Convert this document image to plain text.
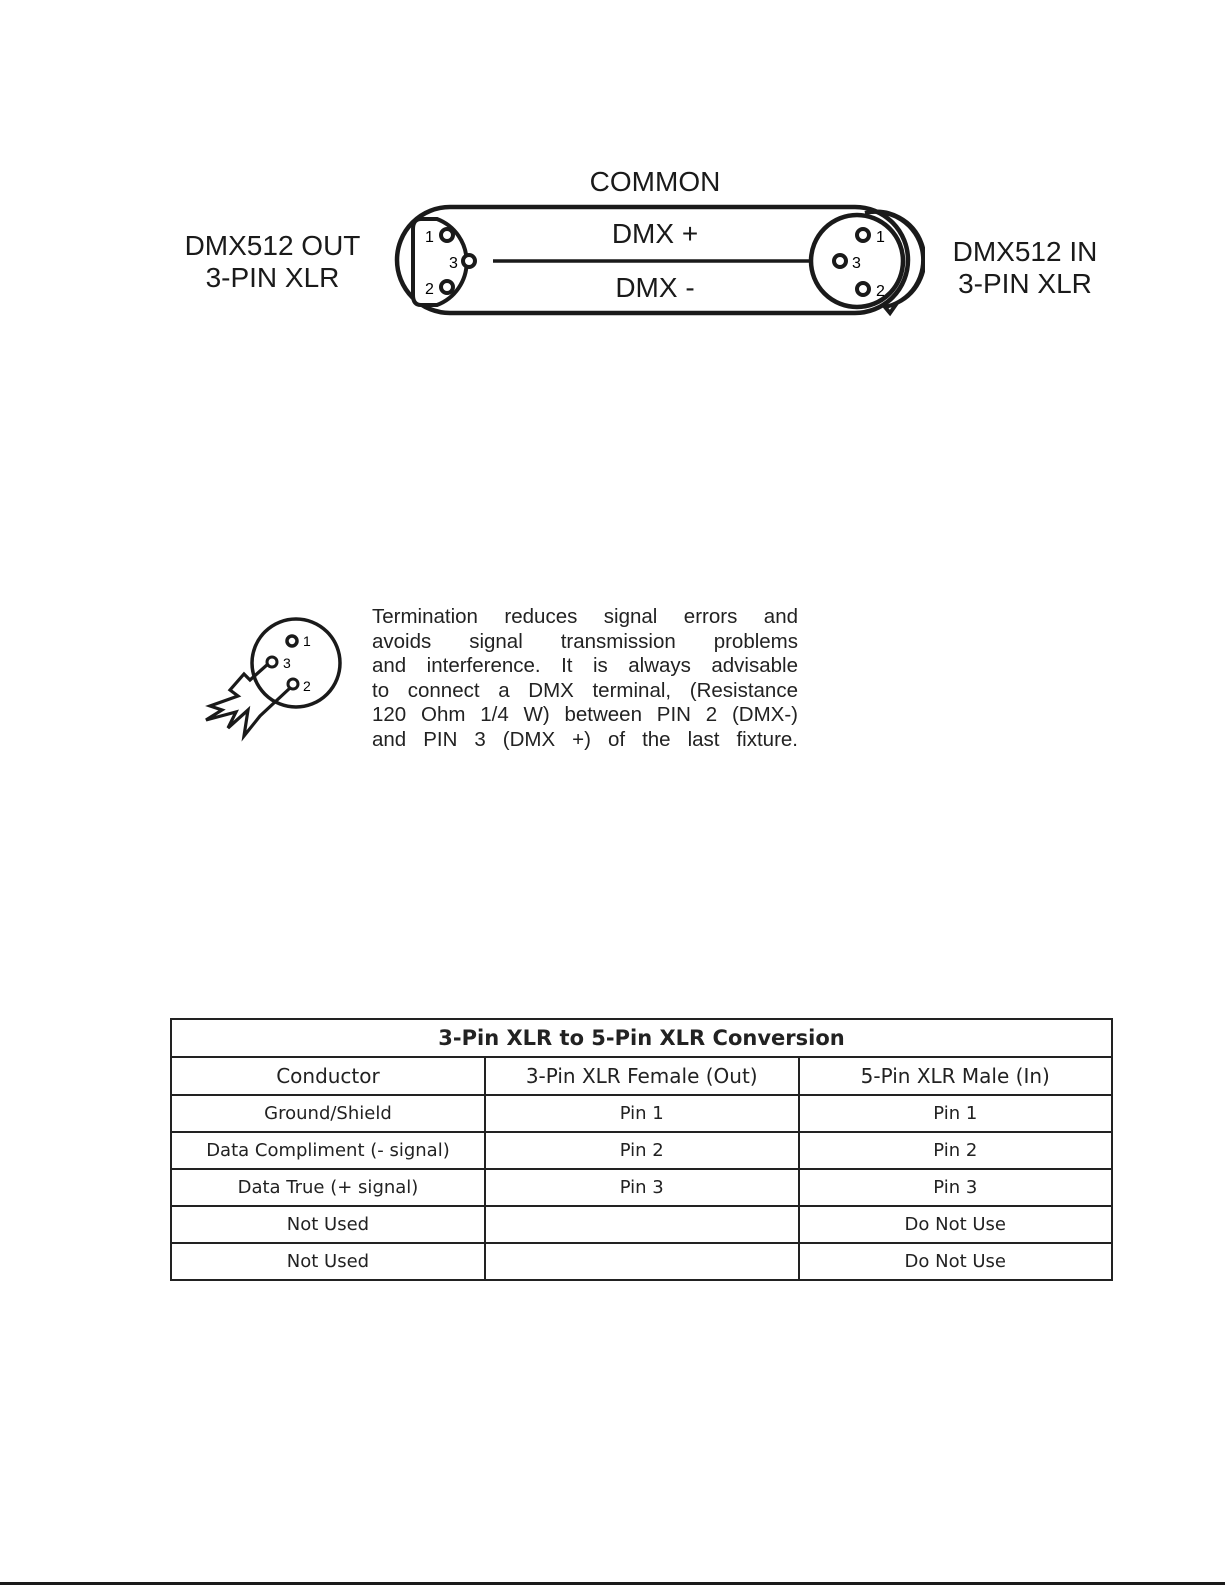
COMMON
DMX +
DMX -
DMX512 OUT
3-PIN XLR
DMX512 IN
3-PIN XLR
1
3
2
1
3
2
1
3
2
Termination reduces signal errors and
avoids signal transmission problems
and interference. It is always advisable
to connect a DMX terminal, (Resistance
120 Ohm 1/4 W) between PIN 2 (DMX-)
and PIN 3 (DMX +) of the last fixture.
3-Pin XLR to 5-Pin XLR Conversion		
Conductor	3-Pin XLR Female (Out)	5-Pin XLR Male (In)
Ground/Shield	Pin 1	Pin 1
Data Compliment (- signal)	Pin 2	Pin 2
Data True (+ signal)	Pin 3	Pin 3
Not Used		Do Not Use
Not Used		Do Not Use
